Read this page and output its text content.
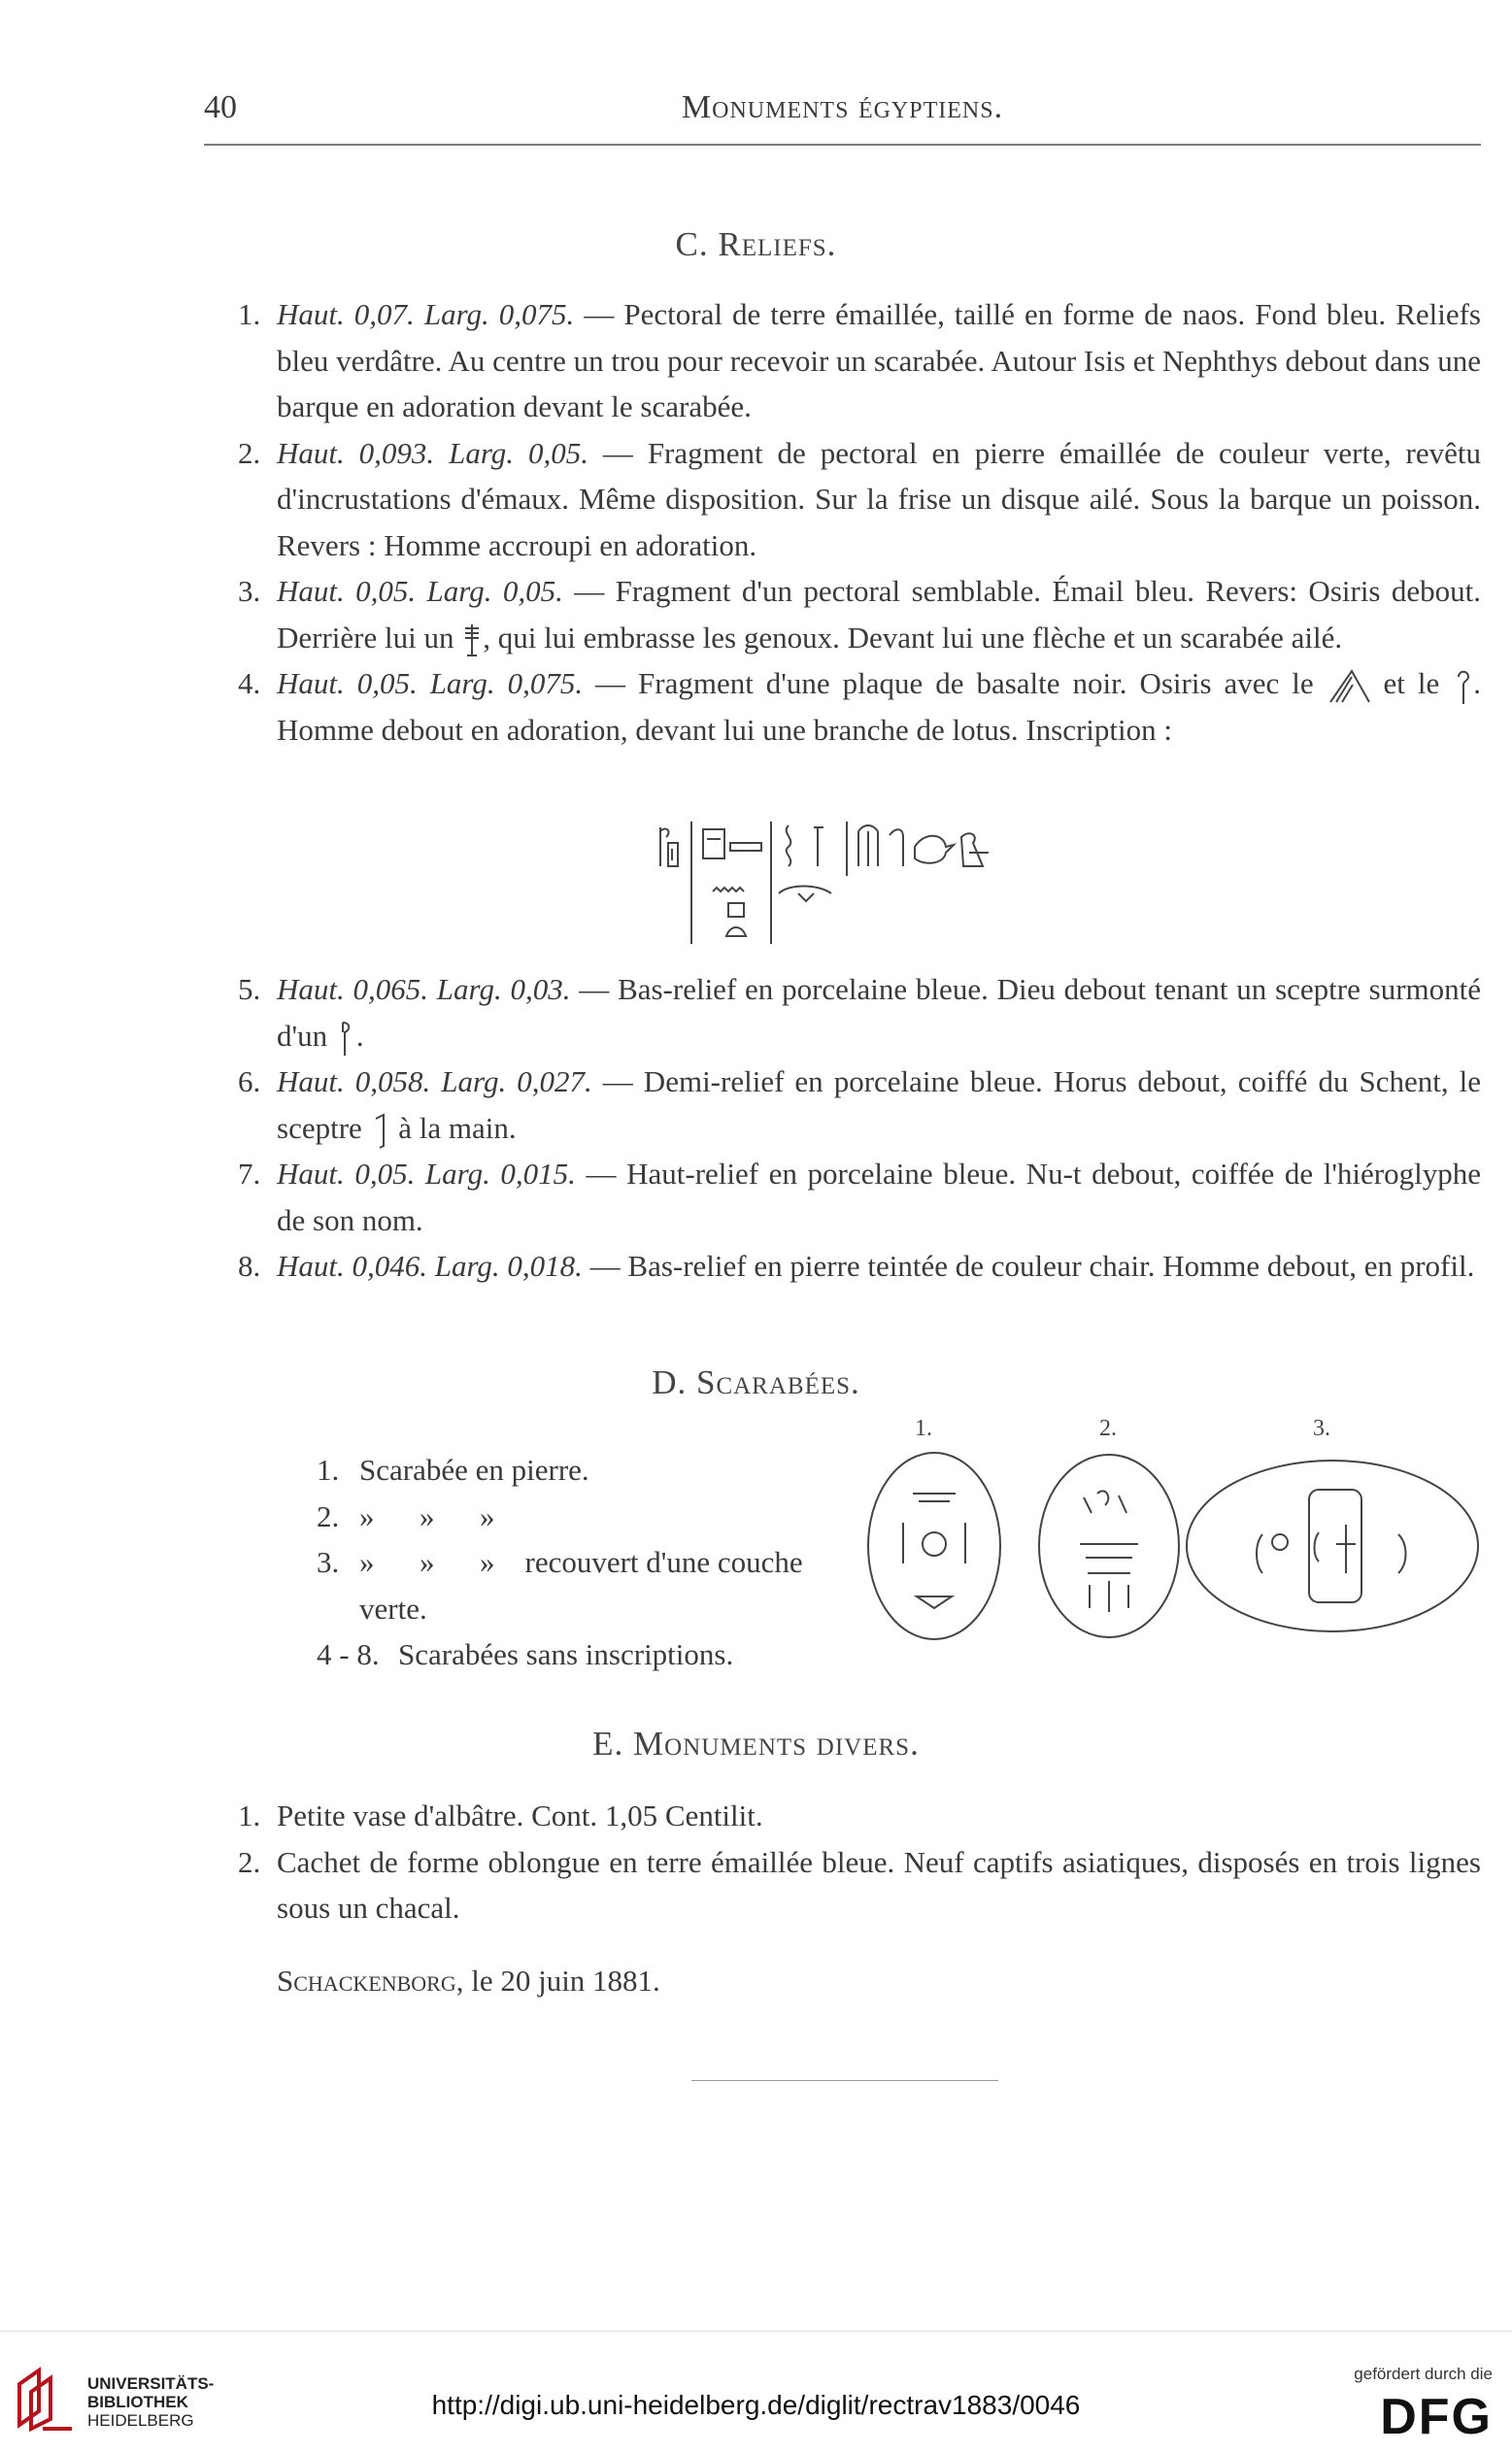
40	Monuments égyptiens.
C. Reliefs.
1. Haut. 0,07. Larg. 0,075. — Pectoral de terre émaillée, taillé en forme de naos. Fond bleu. Reliefs bleu verdâtre. Au centre un trou pour recevoir un scarabée. Autour Isis et Nephthys debout dans une barque en adoration devant le scarabée.
2. Haut. 0,093. Larg. 0,05. — Fragment de pectoral en pierre émaillée de couleur verte, revêtu d'incrustations d'émaux. Même disposition. Sur la frise un disque ailé. Sous la barque un poisson. Revers : Homme accroupi en adoration.
3. Haut. 0,05. Larg. 0,05. — Fragment d'un pectoral semblable. Émail bleu. Revers: Osiris debout. Derrière lui un , qui lui embrasse les genoux. Devant lui une flèche et un scarabée ailé.
4. Haut. 0,05. Larg. 0,075. — Fragment d'une plaque de basalte noir. Osiris avec le  et le . Homme debout en adoration, devant lui une branche de lotus. Inscription :
5. Haut. 0,065. Larg. 0,03. — Bas-relief en porcelaine bleue. Dieu debout tenant un sceptre surmonté d'un .
6. Haut. 0,058. Larg. 0,027. — Demi-relief en porcelaine bleue. Horus debout, coiffé du Schent, le sceptre  à la main.
7. Haut. 0,05. Larg. 0,015. — Haut-relief en porcelaine bleue. Nu-t debout, coiffée de l'hiéroglyphe de son nom.
8. Haut. 0,046. Larg. 0,018. — Bas-relief en pierre teintée de couleur chair. Homme debout, en profil.
D. Scarabées.
1. Scarabée en pierre.
2. »      »      »
3. »      »      »    recouvert d'une couche verte.
4 - 8. Scarabées sans inscriptions.
1.	2.	3.
E. Monuments divers.
1. Petite vase d'albâtre. Cont. 1,05 Centilit.
2. Cachet de forme oblongue en terre émaillée bleue. Neuf captifs asiatiques, disposés en trois lignes sous un chacal.
Schackenborg, le 20 juin 1881.
UNIVERSITÄTS-
BIBLIOTHEK
HEIDELBERG
http://digi.ub.uni-heidelberg.de/diglit/rectrav1883/0046
gefördert durch die
DFG
